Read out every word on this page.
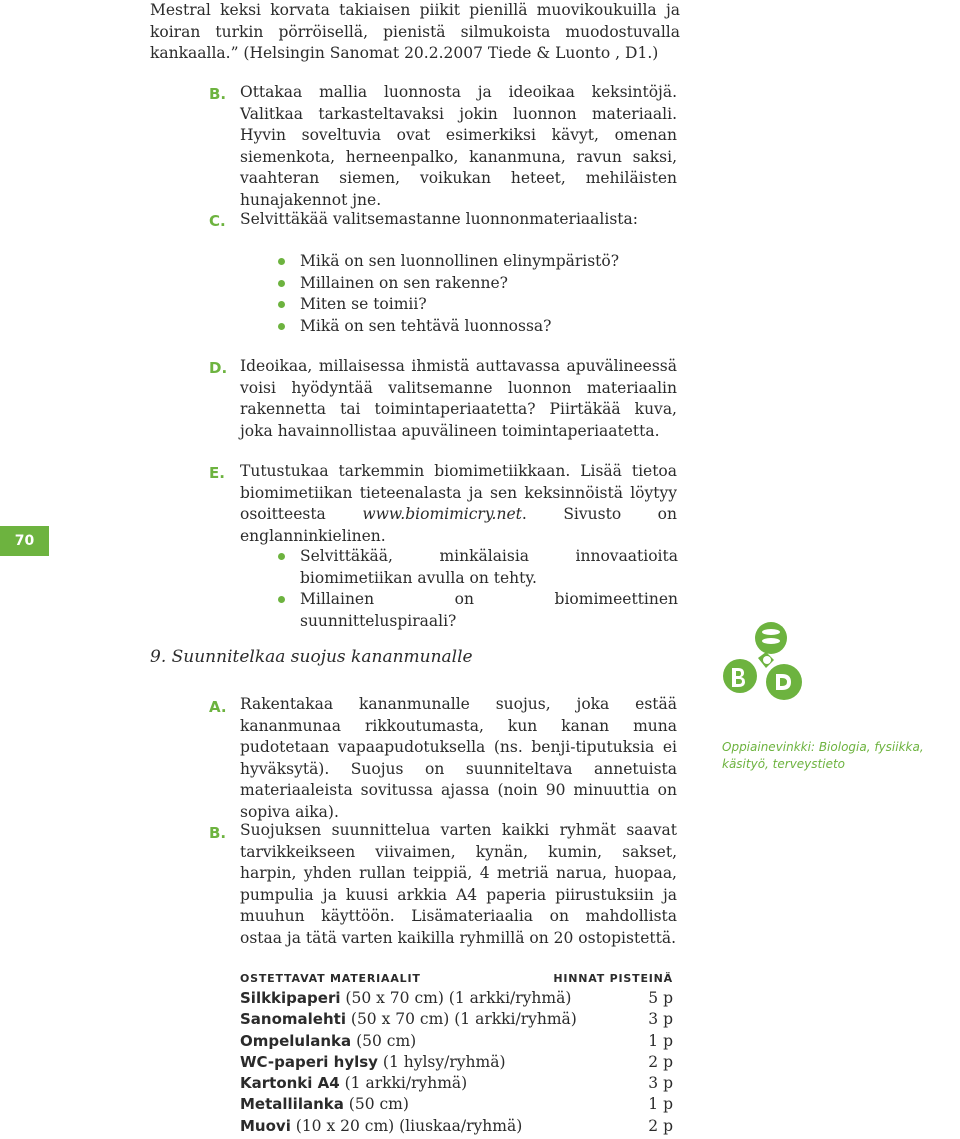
Mestral keksi korvata takiaisen piikit pienillä muovikoukuilla ja koiran turkin pörröisellä, pienistä silmukoista muodostuvalla kankaalla.” (Helsingin Sanomat 20.2.2007 Tiede & Luonto , D1.)
B. Ottakaa mallia luonnosta ja ideoikaa keksintöjä. Valitkaa tarkasteltavaksi jokin luonnon materiaali. Hyvin soveltuvia ovat esimerkiksi kävyt, omenan siemenkota, herneenpalko, kananmuna, ravun saksi, vaahteran siemen, voikukan heteet, mehiläisten hunajakennot jne.
C. Selvittäkää valitsemastanne luonnonmateriaalista:
Mikä on sen luonnollinen elinympäristö?
Millainen on sen rakenne?
Miten se toimii?
Mikä on sen tehtävä luonnossa?
D. Ideoikaa, millaisessa ihmistä auttavassa apuvälineessä voisi hyödyntää valitsemanne luonnon materiaalin rakennetta tai toimintaperiaatetta? Piirtäkää kuva, joka havainnollistaa apuvälineen toimintaperiaatetta.
E. Tutustukaa tarkemmin biomimetiikkaan. Lisää tietoa biomimetiikan tieteenalasta ja sen keksinnöistä löytyy osoitteesta www.biomimicry.net. Sivusto on englanninkielinen.
Selvittäkää, minkälaisia innovaatioita biomimetiikan avulla on tehty.
Millainen on biomimeettinen suunnitteluspiraali?
70
9. Suunnitelkaa suojus kananmunalle
Oppiainevinkki: Biologia, fysiikka, käsityö, terveystieto
A. Rakentakaa kananmunalle suojus, joka estää kananmunaa rikkoutumasta, kun kanan muna pudotetaan vapaapudotuksella (ns. benji-tiputuksia ei hyväksytä). Suojus on suunniteltava annetuista materiaaleista sovitussa ajassa (noin 90 minuuttia on sopiva aika).
B. Suojuksen suunnittelua varten kaikki ryhmät saavat tarvikkeikseen viivaimen, kynän, kumin, sakset, harpin, yhden rullan teippiä, 4 metriä narua, huopaa, pumpulia ja kuusi arkkia A4 paperia piirustuksiin ja muuhun käyttöön. Lisämateriaalia on mahdollista ostaa ja tätä varten kaikilla ryhmillä on 20 ostopistettä.
OSTETTAVAT MATERIAALIT	HINNAT PISTEINÄ
Silkkipaperi (50 x 70 cm) (1 arkki/ryhmä)	5 p
Sanomalehti (50 x 70 cm) (1 arkki/ryhmä)	3 p
Ompelulanka (50 cm)	1 p
WC-paperi hylsy (1 hylsy/ryhmä)	2 p
Kartonki A4 (1 arkki/ryhmä)	3 p
Metallilanka (50 cm)	1 p
Muovi (10 x 20 cm) (liuskaa/ryhmä)	2 p
